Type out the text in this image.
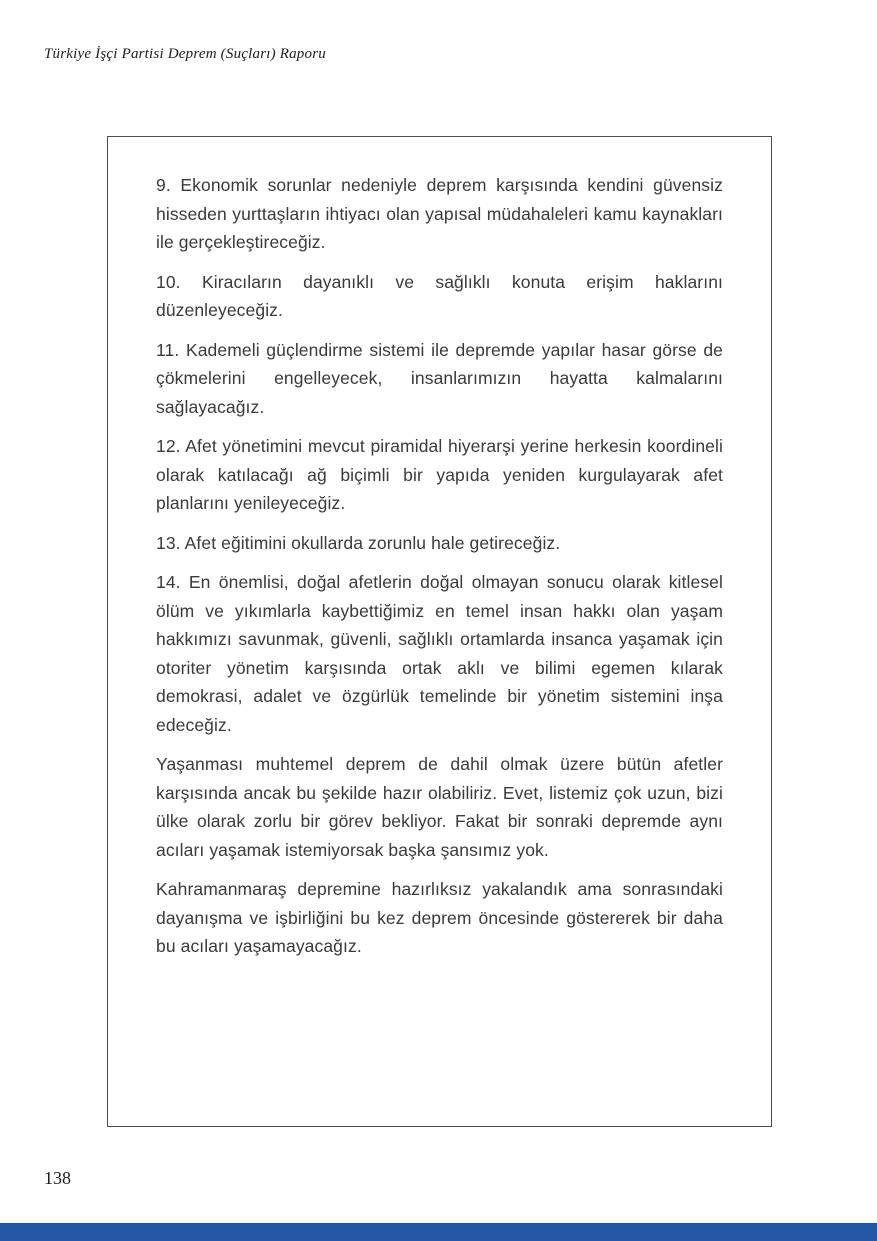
Türkiye İşçi Partisi Deprem (Suçları) Raporu

9. Ekonomik sorunlar nedeniyle deprem karşısında kendini güvensiz hisseden yurttaşların ihtiyacı olan yapısal müdahaleleri kamu kaynakları ile gerçekleştireceğiz.

10. Kiracıların dayanıklı ve sağlıklı konuta erişim haklarını düzenleyeceğiz.

11. Kademeli güçlendirme sistemi ile depremde yapılar hasar görse de çökmelerini engelleyecek, insanlarımızın hayatta kalmalarını sağlayacağız.

12. Afet yönetimini mevcut piramidal hiyerarşi yerine herkesin koordineli olarak katılacağı ağ biçimli bir yapıda yeniden kurgulayarak afet planlarını yenileyeceğiz.

13. Afet eğitimini okullarda zorunlu hale getireceğiz.

14. En önemlisi, doğal afetlerin doğal olmayan sonucu olarak kitlesel ölüm ve yıkımlarla kaybettiğimiz en temel insan hakkı olan yaşam hakkımızı savunmak, güvenli, sağlıklı ortamlarda insanca yaşamak için otoriter yönetim karşısında ortak aklı ve bilimi egemen kılarak demokrasi, adalet ve özgürlük temelinde bir yönetim sistemini inşa edeceğiz.

Yaşanması muhtemel deprem de dahil olmak üzere bütün afetler karşısında ancak bu şekilde hazır olabiliriz. Evet, listemiz çok uzun, bizi ülke olarak zorlu bir görev bekliyor. Fakat bir sonraki depremde aynı acıları yaşamak istemiyorsak başka şansımız yok.

Kahramanmaraş depremine hazırlıksız yakalandık ama sonrasındaki dayanışma ve işbirliğini bu kez deprem öncesinde göstererek bir daha bu acıları yaşamayacağız.

138
